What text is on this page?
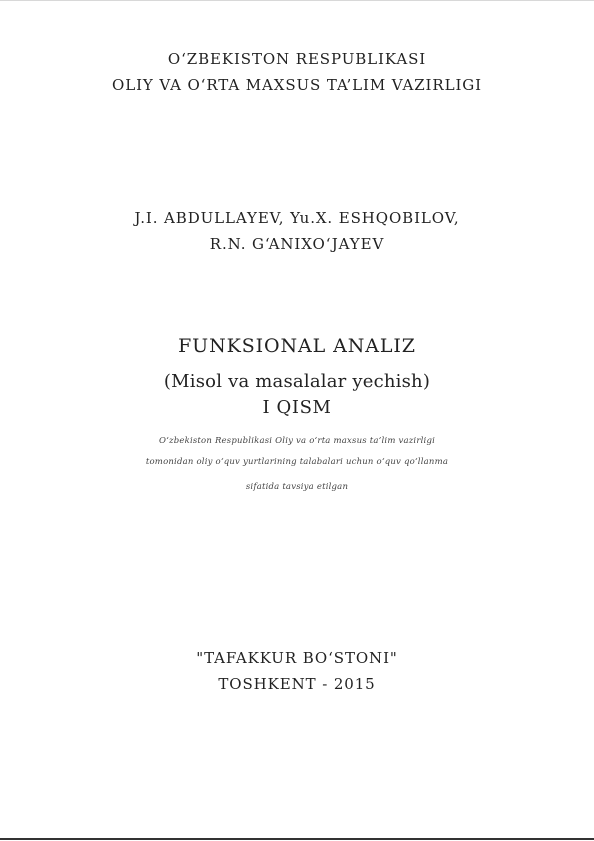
O‘ZBEKISTON RESPUBLIKASI
OLIY VA O‘RTA MAXSUS TA’LIM VAZIRLIGI
J.I. ABDULLAYEV, Yu.X. ESHQOBILOV,
R.N. G‘ANIXO‘JAYEV
FUNKSIONAL ANALIZ
(Misol va masalalar yechish)
I QISM
O‘zbekiston Respublikasi Oliy va o‘rta maxsus ta’lim vazirligi
tomonidan oliy o‘quv yurtlarining talabalari uchun o‘quv qo‘llanma
sifatida tavsiya etilgan
"TAFAKKUR BO‘STONI"
TOSHKENT - 2015
